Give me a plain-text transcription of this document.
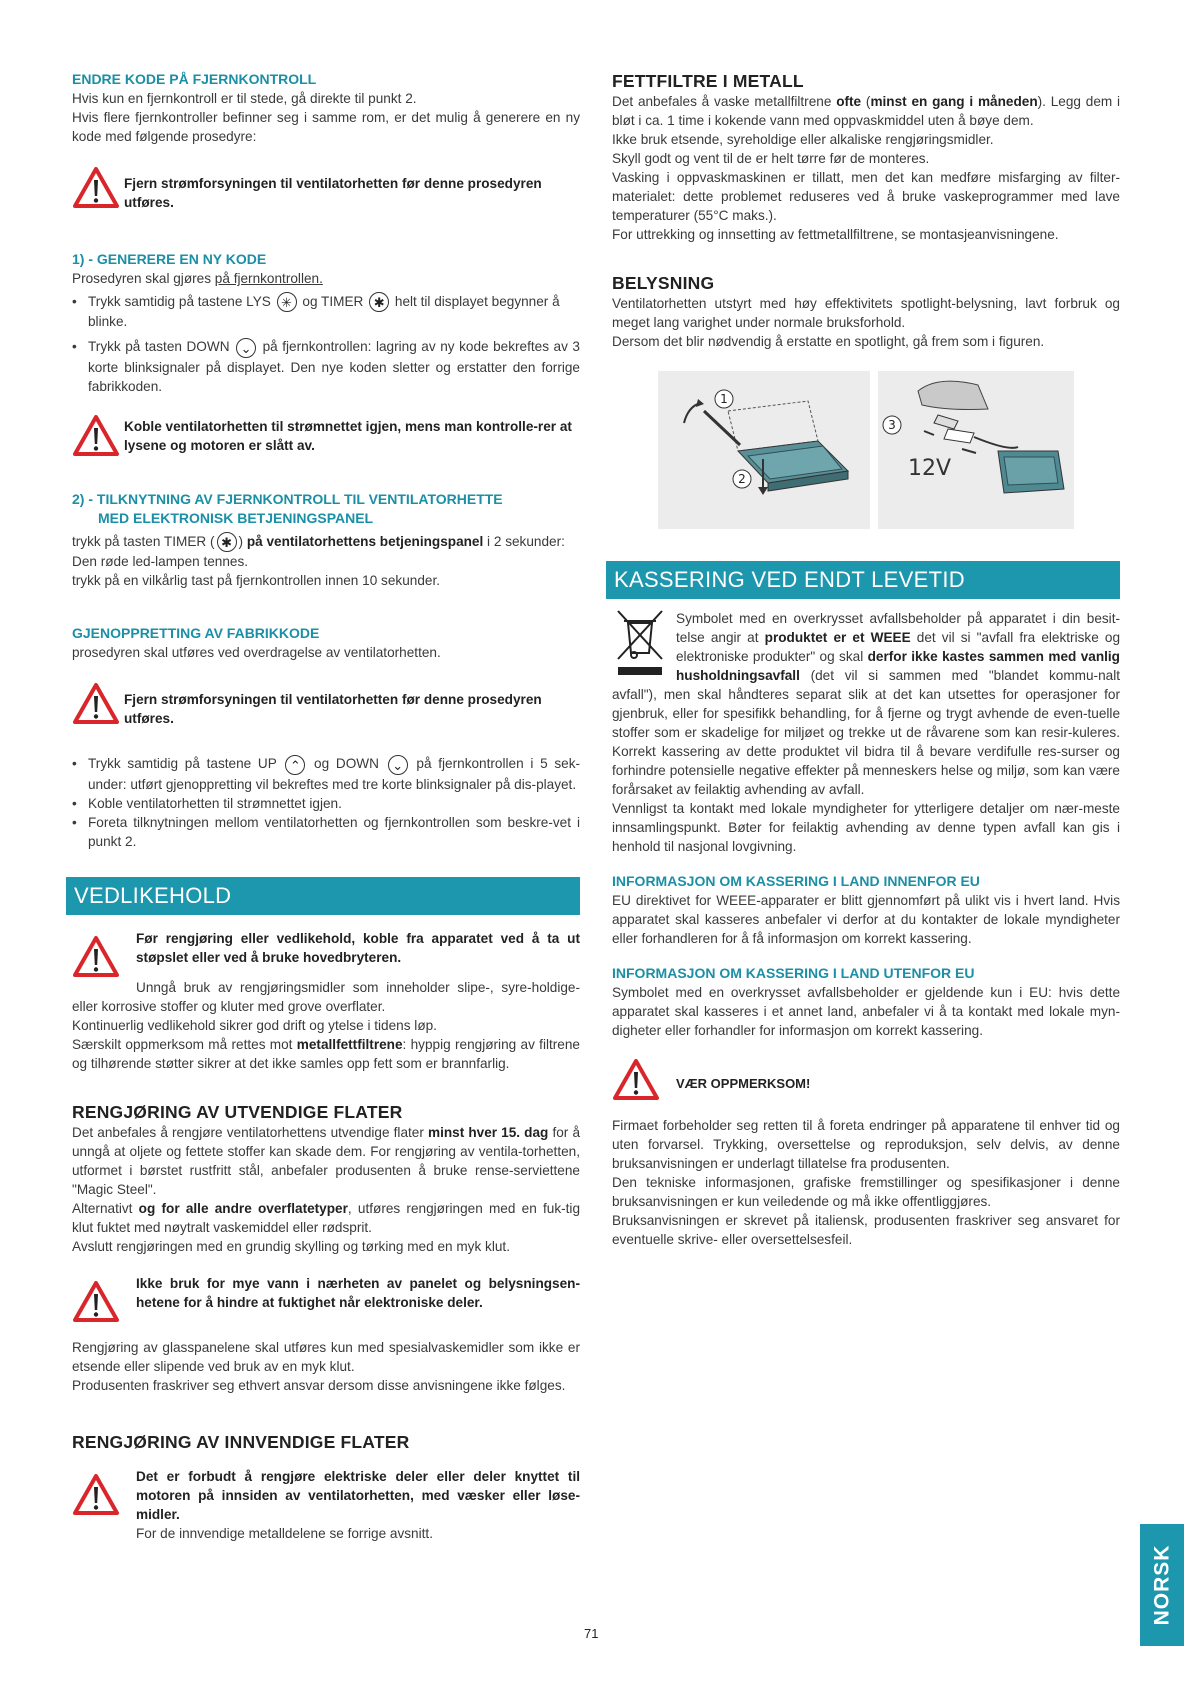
ENDRE KODE PÅ FJERNKONTROLL

Hvis kun en fjernkontroll er til stede, gå direkte til punkt 2.

Hvis flere fjernkontroller befinner seg i samme rom, er det mulig å generere en ny kode med følgende prosedyre:

Fjern strømforsyningen til ventilatorhetten før denne prosedyren utføres.

1) - GENERERE EN NY KODE

Prosedyren skal gjøres på fjernkontrollen.

• Trykk samtidig på tastene LYS ✳ og TIMER ✱ helt til displayet begynner å blinke.
• Trykk på tasten DOWN ⌄ på fjernkontrollen: lagring av ny kode bekreftes av 3 korte blinksignaler på displayet. Den nye koden sletter og erstatter den forrige fabrikkoden.

Koble ventilatorhetten til strømnettet igjen, mens man kontrolle-rer at lysene og motoren er slått av.

2) - TILKNYTNING AV FJERNKONTROLL TIL VENTILATORHETTE

MED ELEKTRONISK BETJENINGSPANEL

trykk på tasten TIMER ( ✱ ) på ventilatorhettens betjeningspanel i 2 sekunder:

Den røde led-lampen tennes.

trykk på en vilkårlig tast på fjernkontrollen innen 10 sekunder.

GJENOPPRETTING AV FABRIKKODE

prosedyren skal utføres ved overdragelse av ventilatorhetten.

Fjern strømforsyningen til ventilatorhetten før denne prosedyren utføres.

• Trykk samtidig på tastene UP ⌃ og DOWN ⌄ på fjernkontrollen i 5 sek-under: utført gjenoppretting vil bekreftes med tre korte blinksignaler på dis-playet.
• Koble ventilatorhetten til strømnettet igjen.
• Foreta tilknytningen mellom ventilatorhetten og fjernkontrollen som beskre-vet i punkt 2.
VEDLIKEHOLD

Før rengjøring eller vedlikehold, koble fra apparatet ved å ta ut støpslet eller ved å bruke hovedbryteren.

Unngå bruk av rengjøringsmidler som inneholder slipe-, syre-holdige- eller korrosive stoffer og kluter med grove overflater.

Kontinuerlig vedlikehold sikrer god drift og ytelse i tidens løp.

Særskilt oppmerksom må rettes mot metallfettfiltrene: hyppig rengjøring av filtrene og tilhørende støtter sikrer at det ikke samles opp fett som er brannfarlig.

RENGJØRING AV UTVENDIGE FLATER

Det anbefales å rengjøre ventilatorhettens utvendige flater minst hver 15. dag for å unngå at oljete og fettete stoffer kan skade dem. For rengjøring av ventila-torhetten, utformet i børstet rustfritt stål, anbefaler produsenten å bruke rense-serviettene "Magic Steel".

Alternativt og for alle andre overflatetyper, utføres rengjøringen med en fuk-tig klut fuktet med nøytralt vaskemiddel eller rødsprit.

Avslutt rengjøringen med en grundig skylling og tørking med en myk klut.

Ikke bruk for mye vann i nærheten av panelet og belysningsen-hetene for å hindre at fuktighet når elektroniske deler.

Rengjøring av glasspanelene skal utføres kun med spesialvaskemidler som ikke er etsende eller slipende ved bruk av en myk klut.

Produsenten fraskriver seg ethvert ansvar dersom disse anvisningene ikke følges.

RENGJØRING AV INNVENDIGE FLATER

Det er forbudt å rengjøre elektriske deler eller deler knyttet til motoren på innsiden av ventilatorhetten, med væsker eller løse-midler.

For de innvendige metalldelene se forrige avsnitt.

FETTFILTRE I METALL

Det anbefales å vaske metallfiltrene ofte (minst en gang i måneden). Legg dem i bløt i ca. 1 time i kokende vann med oppvaskmiddel uten å bøye dem.

Ikke bruk etsende, syreholdige eller alkaliske rengjøringsmidler.

Skyll godt og vent til de er helt tørre før de monteres.

Vasking i oppvaskmaskinen er tillatt, men det kan medføre misfarging av filter-materialet: dette problemet reduseres ved å bruke vaskeprogrammer med lave temperaturer (55°C maks.).

For uttrekking og innsetting av fettmetallfiltrene, se montasjeanvisningene.

BELYSNING

Ventilatorhetten utstyrt med høy effektivitets spotlight-belysning, lavt forbruk og meget lang varighet under normale bruksforhold.

Dersom det blir nødvendig å erstatte en spotlight, gå frem som i figuren.

1
2
3
12V
KASSERING VED ENDT LEVETID

Symbolet med en overkrysset avfallsbeholder på apparatet i din besit-telse angir at produktet er et WEEE det vil si "avfall fra elektriske og elektroniske produkter" og skal derfor ikke kastes sammen med vanlig husholdningsavfall (det vil si sammen med "blandet kommu-nalt avfall"), men skal håndteres separat slik at det kan utsettes for operasjoner for gjenbruk, eller for spesifikk behandling, for å fjerne og trygt avhende de even-tuelle stoffer som er skadelige for miljøet og trekke ut de råvarene som kan resir-kuleres. Korrekt kassering av dette produktet vil bidra til å bevare verdifulle res-surser og forhindre potensielle negative effekter på menneskers helse og miljø, som kan være forårsaket av feilaktig avhending av avfall.

Vennligst ta kontakt med lokale myndigheter for ytterligere detaljer om nær-meste innsamlingspunkt. Bøter for feilaktig avhending av denne typen avfall kan gis i henhold til nasjonal lovgivning.

INFORMASJON OM KASSERING I LAND INNENFOR EU

EU direktivet for WEEE-apparater er blitt gjennomført på ulikt vis i hvert land. Hvis apparatet skal kasseres anbefaler vi derfor at du kontakter de lokale myndigheter eller forhandleren for å få informasjon om korrekt kassering.

INFORMASJON OM KASSERING I LAND UTENFOR EU

Symbolet med en overkrysset avfallsbeholder er gjeldende kun i EU: hvis dette apparatet skal kasseres i et annet land, anbefaler vi å ta kontakt med lokale myn-digheter eller forhandler for informasjon om korrekt kassering.

VÆR OPPMERKSOM!

Firmaet forbeholder seg retten til å foreta endringer på apparatene til enhver tid og uten forvarsel. Trykking, oversettelse og reproduksjon, selv delvis, av denne bruksanvisningen er underlagt tillatelse fra produsenten.

Den tekniske informasjonen, grafiske fremstillinger og spesifikasjoner i denne bruksanvisningen er kun veiledende og må ikke offentliggjøres.

Bruksanvisningen er skrevet på italiensk, produsenten fraskriver seg ansvaret for eventuelle skrive- eller oversettelsesfeil.

71
NORSK
